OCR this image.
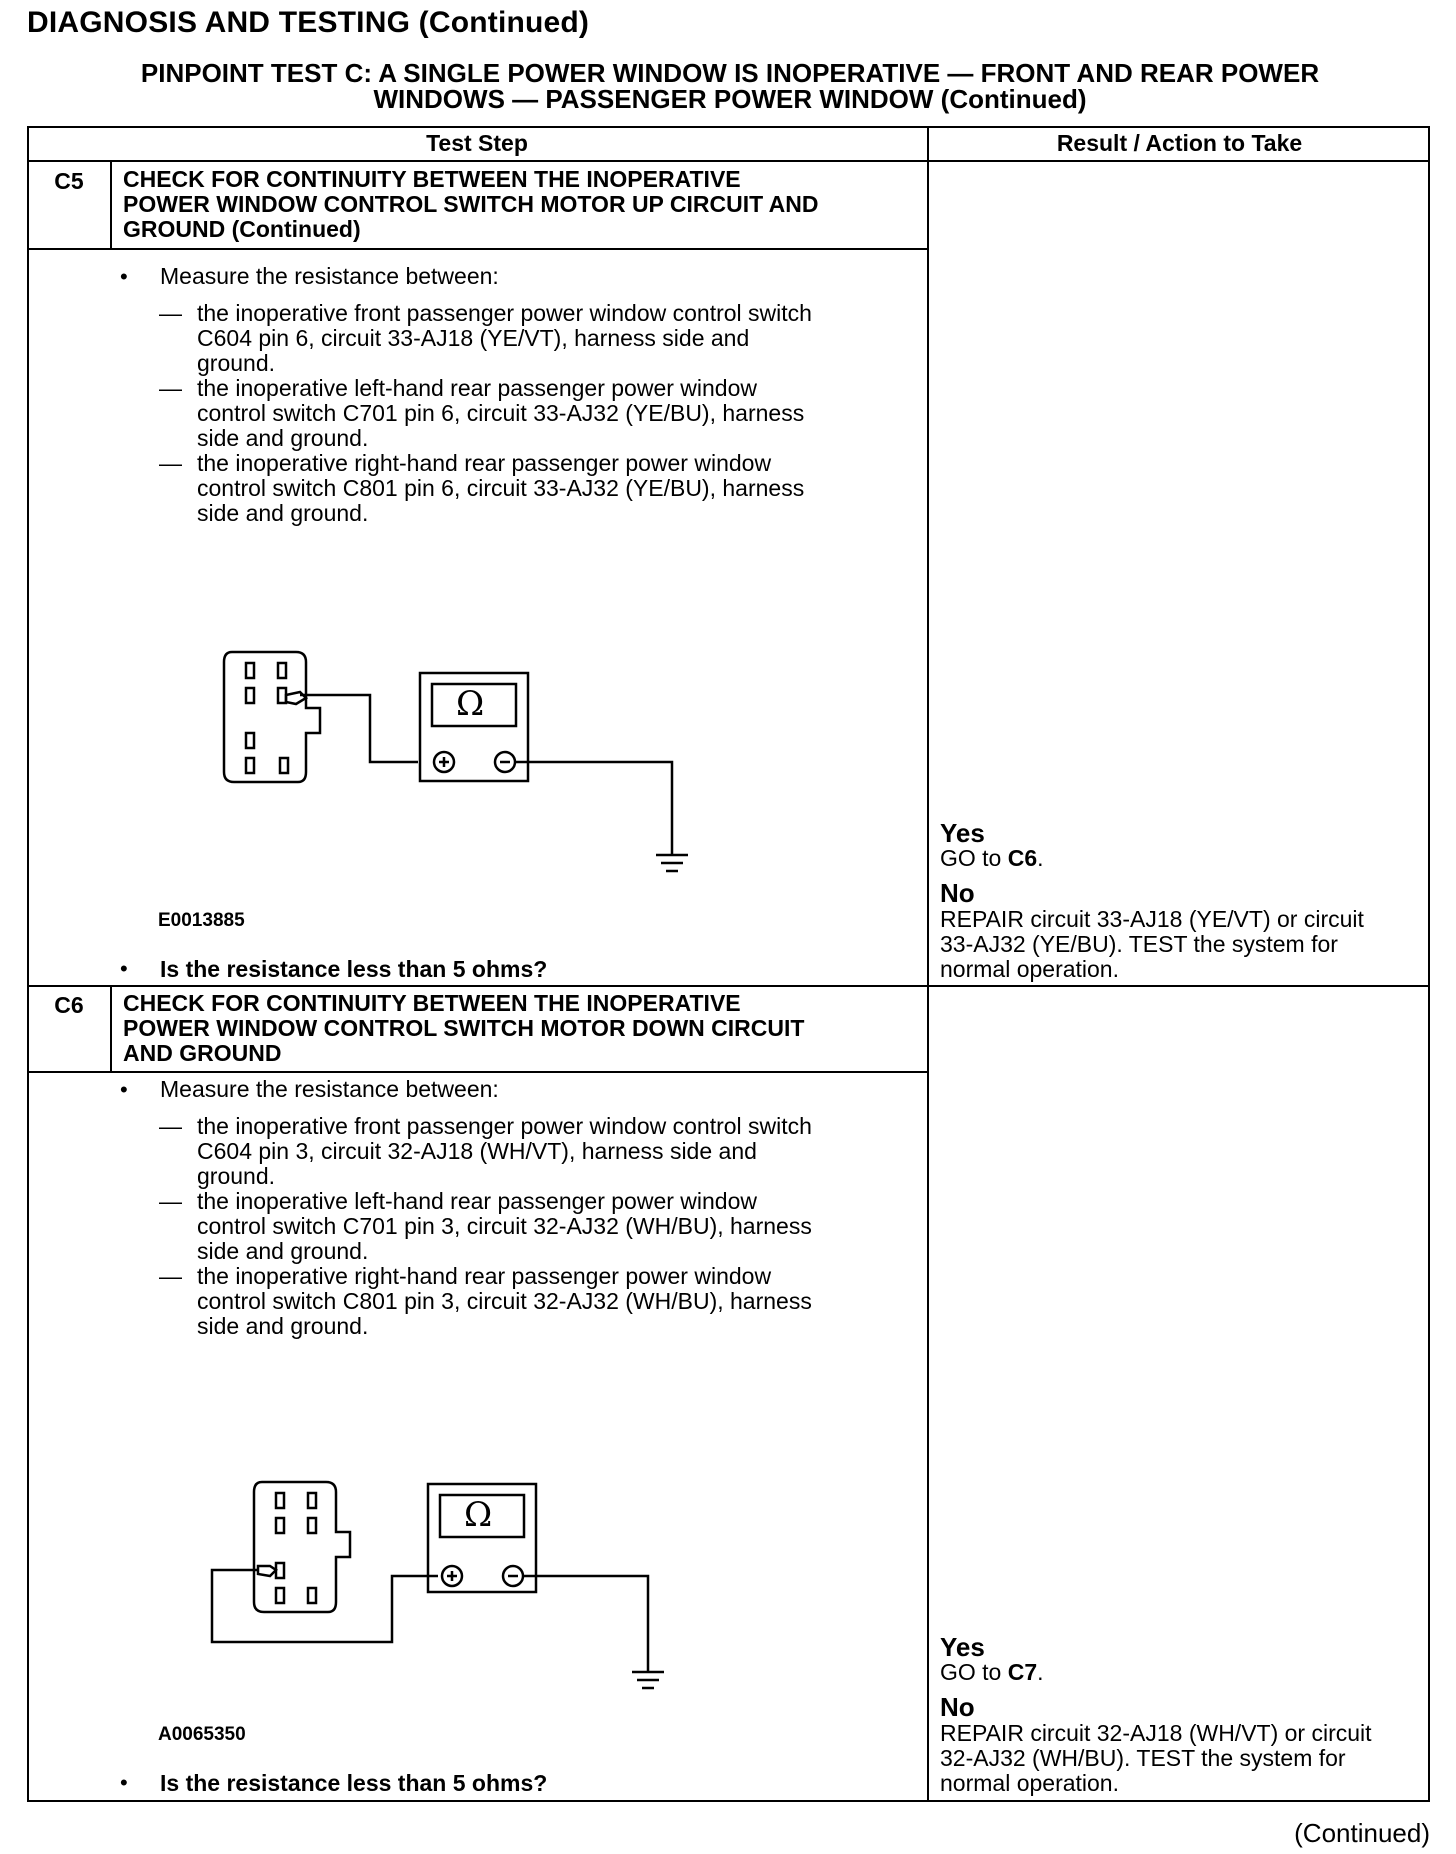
DIAGNOSIS AND TESTING (Continued)
PINPOINT TEST C: A SINGLE POWER WINDOW IS INOPERATIVE — FRONT AND REAR POWER
WINDOWS — PASSENGER POWER WINDOW (Continued)
Test Step	Result / Action to Take
C5	CHECK FOR CONTINUITY BETWEEN THE INOPERATIVE
POWER WINDOW CONTROL SWITCH MOTOR UP CIRCUIT AND
GROUND (Continued)
• Measure the resistance between:
— the inoperative front passenger power window control switch
C604 pin 6, circuit 33-AJ18 (YE/VT), harness side and
ground.
— the inoperative left-hand rear passenger power window
control switch C701 pin 6, circuit 33-AJ32 (YE/BU), harness
side and ground.
— the inoperative right-hand rear passenger power window
control switch C801 pin 6, circuit 33-AJ32 (YE/BU), harness
side and ground.
Ω
E0013885
• Is the resistance less than 5 ohms?
Yes
GO to C6.
No
REPAIR circuit 33-AJ18 (YE/VT) or circuit
33-AJ32 (YE/BU). TEST the system for
normal operation.
C6	CHECK FOR CONTINUITY BETWEEN THE INOPERATIVE
POWER WINDOW CONTROL SWITCH MOTOR DOWN CIRCUIT
AND GROUND
• Measure the resistance between:
— the inoperative front passenger power window control switch
C604 pin 3, circuit 32-AJ18 (WH/VT), harness side and
ground.
— the inoperative left-hand rear passenger power window
control switch C701 pin 3, circuit 32-AJ32 (WH/BU), harness
side and ground.
— the inoperative right-hand rear passenger power window
control switch C801 pin 3, circuit 32-AJ32 (WH/BU), harness
side and ground.
Ω
A0065350
• Is the resistance less than 5 ohms?
Yes
GO to C7.
No
REPAIR circuit 32-AJ18 (WH/VT) or circuit
32-AJ32 (WH/BU). TEST the system for
normal operation.
(Continued)
